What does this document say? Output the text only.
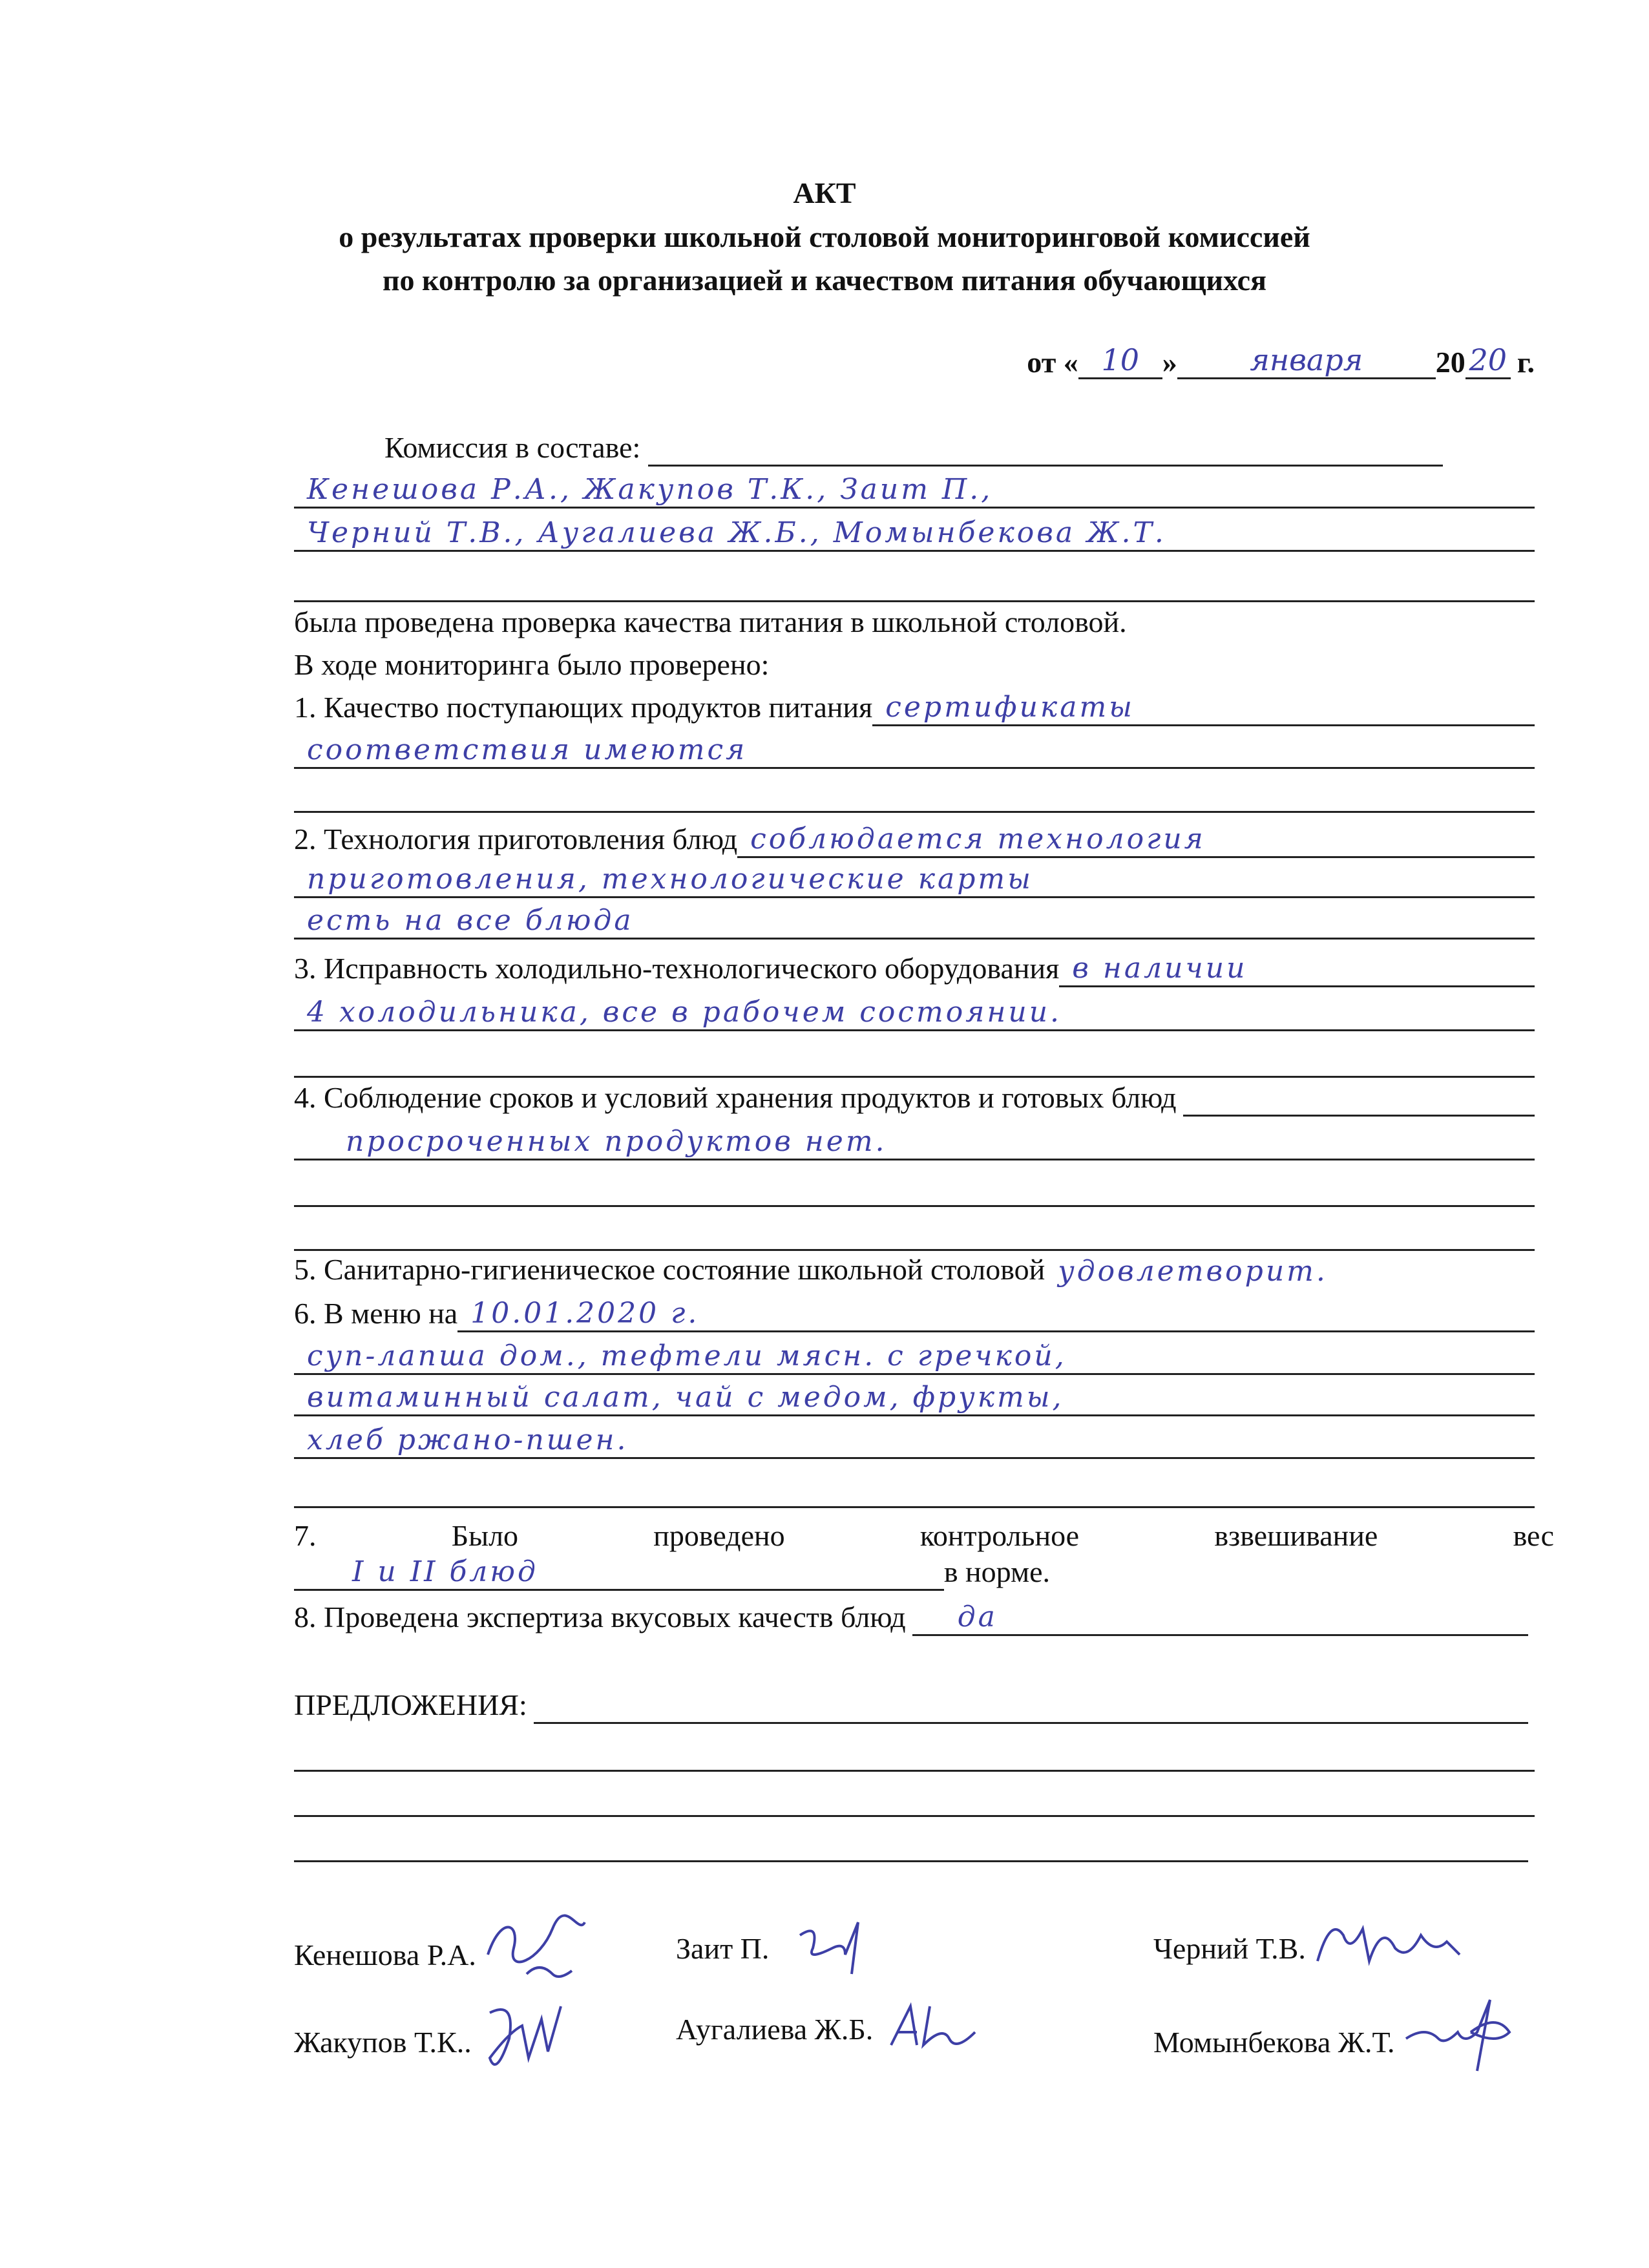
АКТ
о результатах проверки школьной столовой мониторинговой комиссией
по контролю за организацией и качеством питания обучающихся
от « 10 »	января	20 20 г.
Комиссия в составе:
Кенешова Р.А., Жакупов Т.К., Заит П.,
Черний Т.В., Аугалиева Ж.Б., Момынбекова Ж.Т.
была проведена проверка качества питания в школьной столовой.
В ходе мониторинга было проверено:
1. Качество поступающих продуктов питания сертификаты
соответствия имеются
2. Технология приготовления блюд соблюдается технология
приготовления, технологические карты
есть на все блюда
3. Исправность холодильно-технологического оборудования в наличии
4 холодильника, все в рабочем состоянии.
4. Соблюдение сроков и условий хранения продуктов и готовых блюд
просроченных продуктов нет.
5. Санитарно-гигиеническое состояние школьной столовой удовлетворит.
6. В меню на 10.01.2020 г.
суп-лапша дом., тефтели мясн. с гречкой,
витаминный салат, чай с медом, фрукты,
хлеб ржано-пшен.
7.	Было	проведено	контрольное	взвешивание	вес
I и II блюд	в норме.
8. Проведена экспертиза вкусовых качеств блюд да
ПРЕДЛОЖЕНИЯ:
Кенешова Р.А.	Заит П.	Черний Т.В.
Жакупов Т.К..	Аугалиева Ж.Б.	Момынбекова Ж.Т.
